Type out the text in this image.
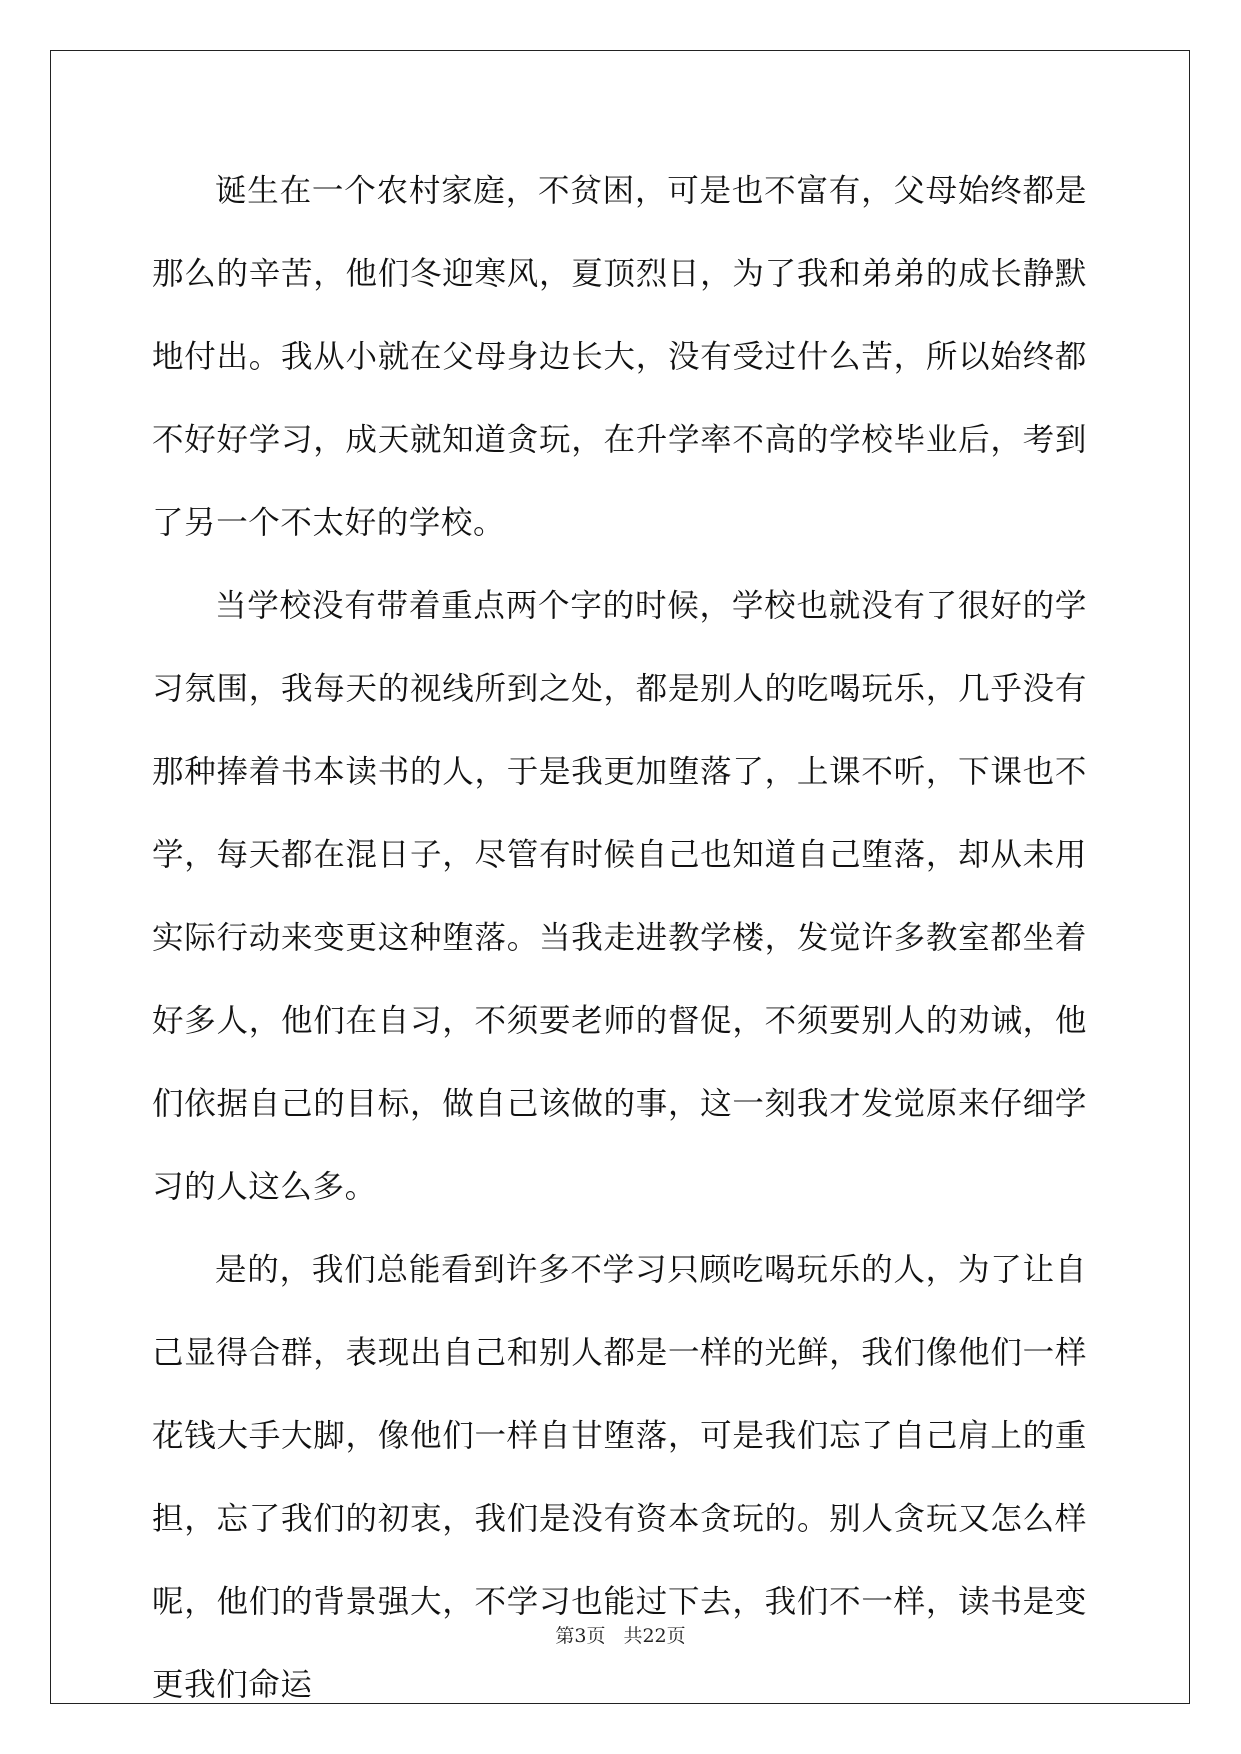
诞生在一个农村家庭，不贫困，可是也不富有，父母始终都是那么的辛苦，他们冬迎寒风，夏顶烈日，为了我和弟弟的成长静默地付出。我从小就在父母身边长大，没有受过什么苦，所以始终都不好好学习，成天就知道贪玩，在升学率不高的学校毕业后，考到了另一个不太好的学校。

当学校没有带着重点两个字的时候，学校也就没有了很好的学习氛围，我每天的视线所到之处，都是别人的吃喝玩乐，几乎没有那种捧着书本读书的人，于是我更加堕落了，上课不听，下课也不学，每天都在混日子，尽管有时候自己也知道自己堕落，却从未用实际行动来变更这种堕落。当我走进教学楼，发觉许多教室都坐着好多人，他们在自习，不须要老师的督促，不须要别人的劝诫，他们依据自己的目标，做自己该做的事，这一刻我才发觉原来仔细学习的人这么多。

是的，我们总能看到许多不学习只顾吃喝玩乐的人，为了让自己显得合群，表现出自己和别人都是一样的光鲜，我们像他们一样花钱大手大脚，像他们一样自甘堕落，可是我们忘了自己肩上的重担，忘了我们的初衷，我们是没有资本贪玩的。别人贪玩又怎么样呢，他们的背景强大，不学习也能过下去，我们不一样，读书是变更我们命运

第3页 共22页
